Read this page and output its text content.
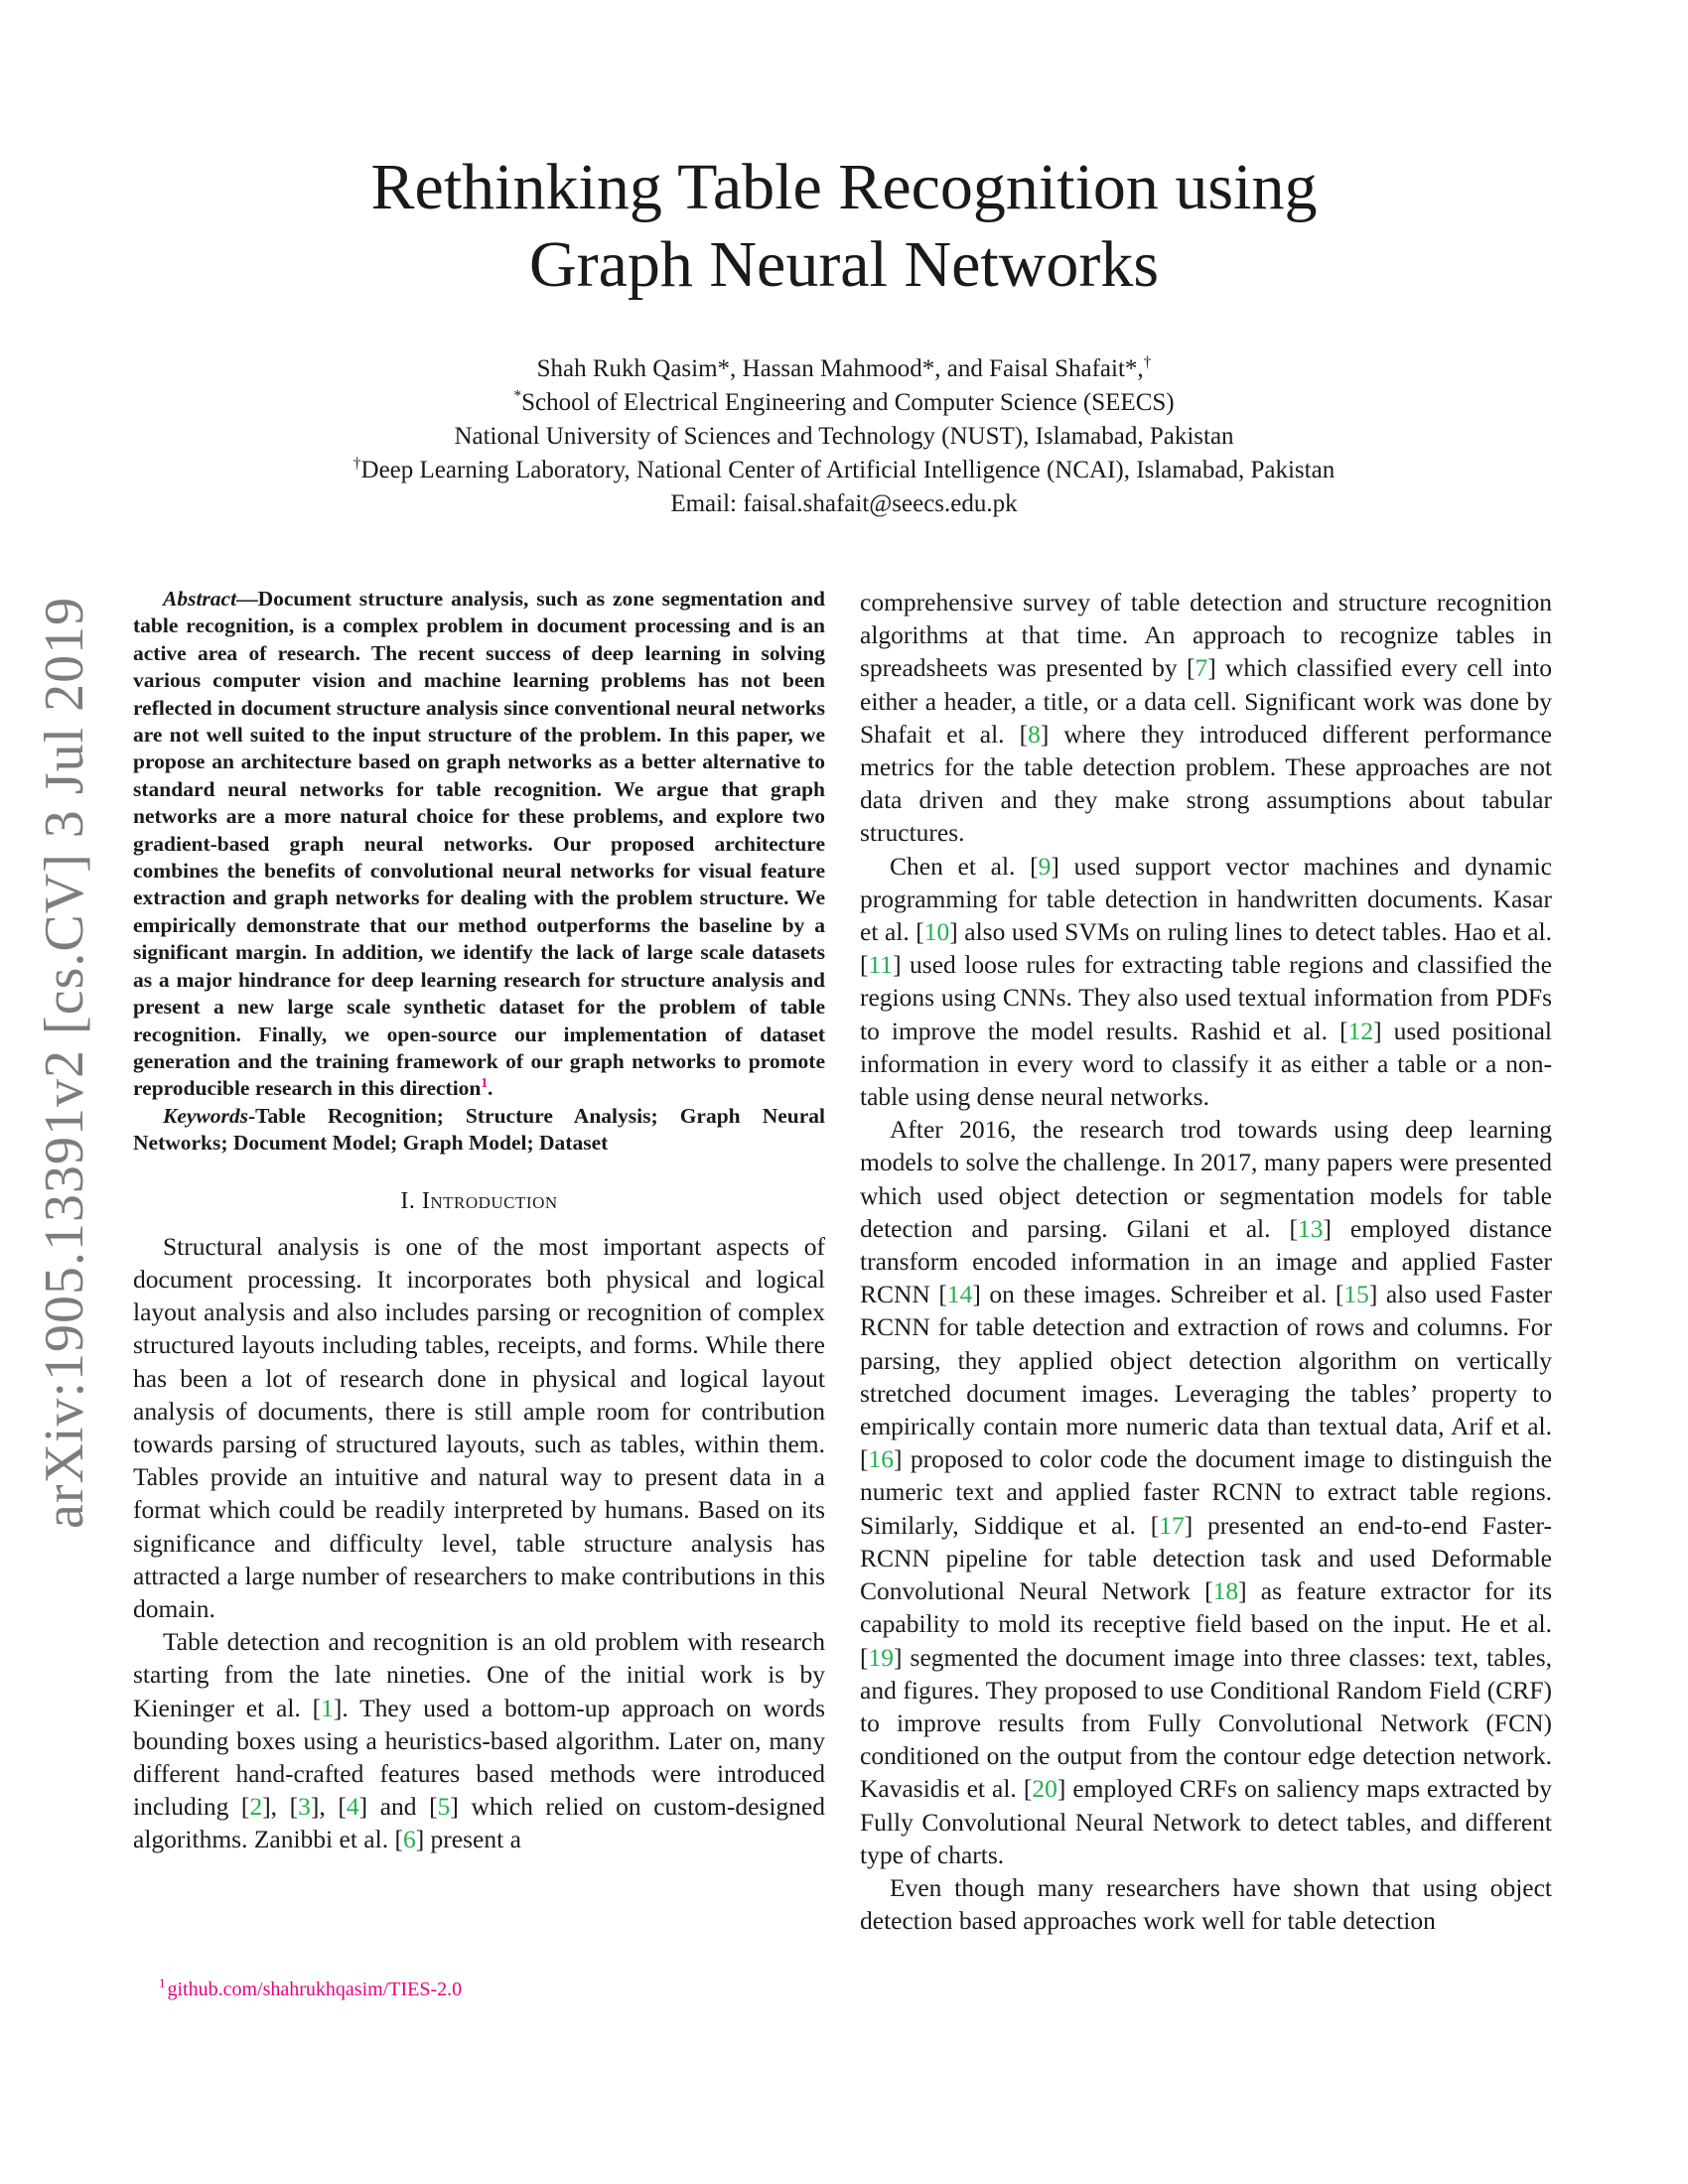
arXiv:1905.13391v2 [cs.CV] 3 Jul 2019
Rethinking Table Recognition using
Graph Neural Networks
Shah Rukh Qasim*, Hassan Mahmood*, and Faisal Shafait*,†
*School of Electrical Engineering and Computer Science (SEECS)
National University of Sciences and Technology (NUST), Islamabad, Pakistan
†Deep Learning Laboratory, National Center of Artificial Intelligence (NCAI), Islamabad, Pakistan
Email: faisal.shafait@seecs.edu.pk

Abstract—Document structure analysis, such as zone segmentation and table recognition, is a complex problem in document processing and is an active area of research. The recent success of deep learning in solving various computer vision and machine learning problems has not been reflected in document structure analysis since conventional neural networks are not well suited to the input structure of the problem. In this paper, we propose an architecture based on graph networks as a better alternative to standard neural networks for table recognition. We argue that graph networks are a more natural choice for these problems, and explore two gradient-based graph neural networks. Our proposed architecture combines the benefits of convolutional neural networks for visual feature extraction and graph networks for dealing with the problem structure. We empirically demonstrate that our method outperforms the baseline by a significant margin. In addition, we identify the lack of large scale datasets as a major hindrance for deep learning research for structure analysis and present a new large scale synthetic dataset for the problem of table recognition. Finally, we open-source our implementation of dataset generation and the training framework of our graph networks to promote reproducible research in this direction$^1$.

Keywords-Table Recognition; Structure Analysis; Graph Neural Networks; Document Model; Graph Model; Dataset

I. Introduction

Structural analysis is one of the most important aspects of document processing. It incorporates both physical and logical layout analysis and also includes parsing or recognition of complex structured layouts including tables, receipts, and forms. While there has been a lot of research done in physical and logical layout analysis of documents, there is still ample room for contribution towards parsing of structured layouts, such as tables, within them. Tables provide an intuitive and natural way to present data in a format which could be readily interpreted by humans. Based on its significance and difficulty level, table structure analysis has attracted a large number of researchers to make contributions in this domain.

Table detection and recognition is an old problem with research starting from the late nineties. One of the initial work is by Kieninger et al. [1]. They used a bottom-up approach on words bounding boxes using a heuristics-based algorithm. Later on, many different hand-crafted features based methods were introduced including [2], [3], [4] and [5] which relied on custom-designed algorithms. Zanibbi et al. [6] present a

comprehensive survey of table detection and structure recognition algorithms at that time. An approach to recognize tables in spreadsheets was presented by [7] which classified every cell into either a header, a title, or a data cell. Significant work was done by Shafait et al. [8] where they introduced different performance metrics for the table detection problem. These approaches are not data driven and they make strong assumptions about tabular structures.

Chen et al. [9] used support vector machines and dynamic programming for table detection in handwritten documents. Kasar et al. [10] also used SVMs on ruling lines to detect tables. Hao et al. [11] used loose rules for extracting table regions and classified the regions using CNNs. They also used textual information from PDFs to improve the model results. Rashid et al. [12] used positional information in every word to classify it as either a table or a non-table using dense neural networks.

After 2016, the research trod towards using deep learning models to solve the challenge. In 2017, many papers were presented which used object detection or segmentation models for table detection and parsing. Gilani et al. [13] employed distance transform encoded information in an image and applied Faster RCNN [14] on these images. Schreiber et al. [15] also used Faster RCNN for table detection and extraction of rows and columns. For parsing, they applied object detection algorithm on vertically stretched document images. Leveraging the tables’ property to empirically contain more numeric data than textual data, Arif et al. [16] proposed to color code the document image to distinguish the numeric text and applied faster RCNN to extract table regions. Similarly, Siddique et al. [17] presented an end-to-end Faster-RCNN pipeline for table detection task and used Deformable Convolutional Neural Network [18] as feature extractor for its capability to mold its receptive field based on the input. He et al. [19] segmented the document image into three classes: text, tables, and figures. They proposed to use Conditional Random Field (CRF) to improve results from Fully Convolutional Network (FCN) conditioned on the output from the contour edge detection network. Kavasidis et al. [20] employed CRFs on saliency maps extracted by Fully Convolutional Neural Network to detect tables, and different type of charts.

Even though many researchers have shown that using object detection based approaches work well for table detection

$^1$ github.com/shahrukhqasim/TIES-2.0
